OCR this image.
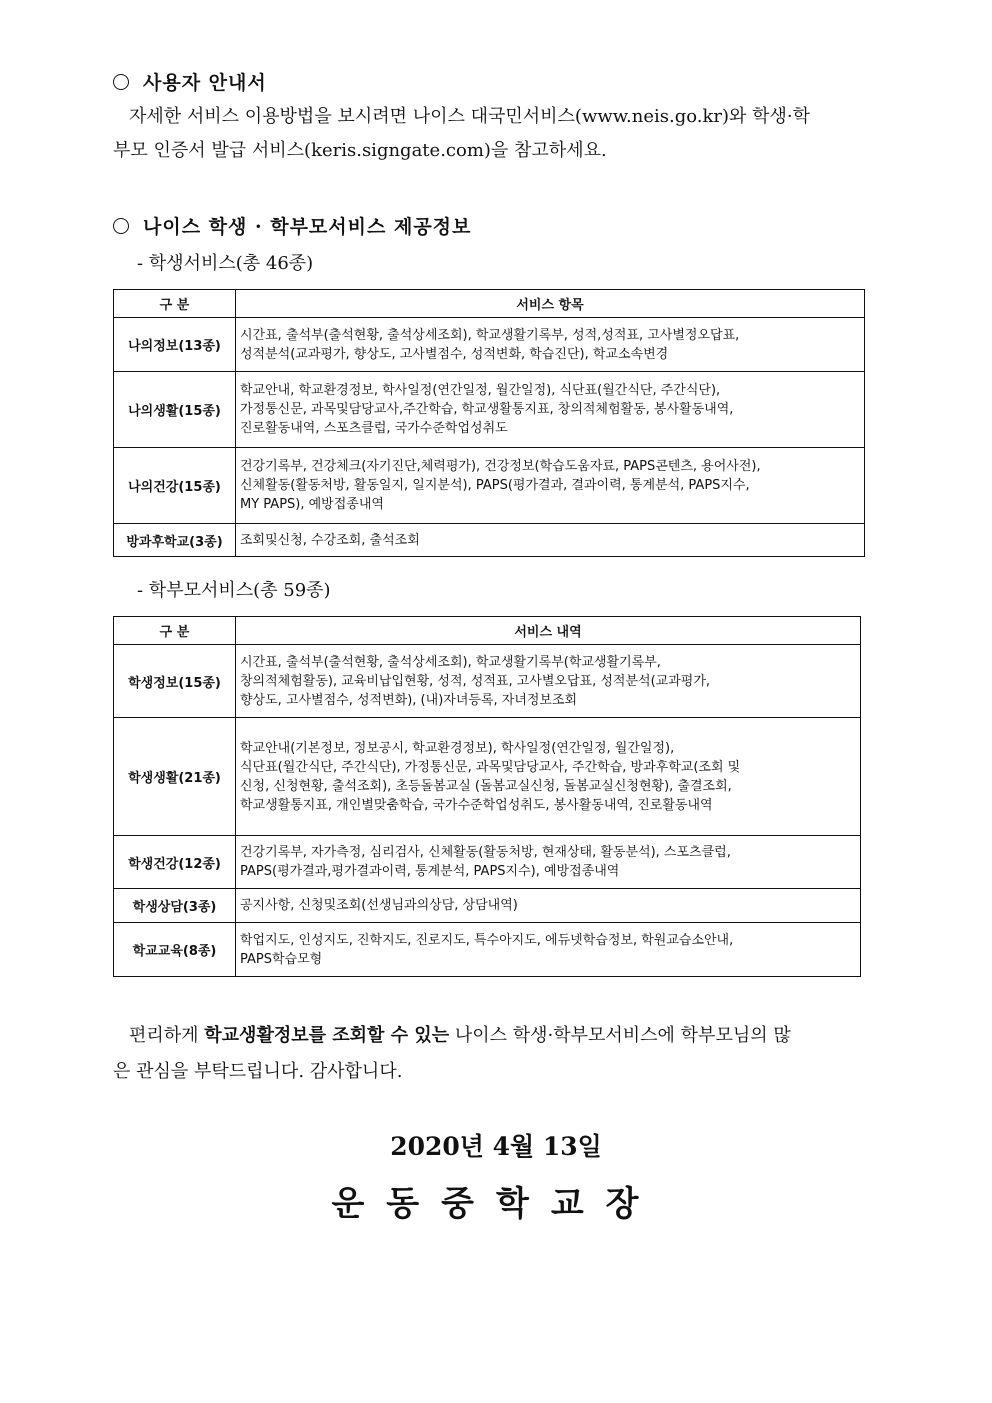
사용자 안내서
자세한 서비스 이용방법을 보시려면 나이스 대국민서비스(www.neis.go.kr)와 학생·학
부모 인증서 발급 서비스(keris.signgate.com)을 참고하세요.
나이스 학생 · 학부모서비스 제공정보
- 학생서비스(총 46종)
구 분	서비스 항목
나의정보(13종)	시간표, 출석부(출석현황, 출석상세조회), 학교생활기록부, 성적,성적표, 고사별정오답표,
성적분석(교과평가, 향상도, 고사별점수, 성적변화, 학습진단), 학교소속변경

나의생활(15종)	학교안내, 학교환경정보, 학사일정(연간일정, 월간일정), 식단표(월간식단, 주간식단),
가정통신문, 과목및담당교사,주간학습, 학교생활통지표, 창의적체험활동, 봉사활동내역,
진로활동내역, 스포츠클럽, 국가수준학업성취도

나의건강(15종)	건강기록부, 건강체크(자기진단,체력평가), 건강정보(학습도움자료, PAPS콘텐츠, 용어사전),
신체활동(활동처방, 활동일지, 일지분석), PAPS(평가결과, 결과이력, 통계분석, PAPS지수,
MY PAPS), 예방접종내역

방과후학교(3종)	조회및신청, 수강조회, 출석조회
- 학부모서비스(총 59종)
구 분	서비스 내역
학생정보(15종)	시간표, 출석부(출석현황, 출석상세조회), 학교생활기록부(학교생활기록부,
창의적체험활동), 교육비납입현황, 성적, 성적표, 고사별오답표, 성적분석(교과평가,
향상도, 고사별점수, 성적변화), (내)자녀등록, 자녀정보조회

학생생활(21종)	학교안내(기본정보, 정보공시, 학교환경정보), 학사일정(연간일정, 월간일정),
식단표(월간식단, 주간식단), 가정통신문, 과목및담당교사, 주간학습, 방과후학교(조회 및
신청, 신청현황, 출석조회), 초등돌봄교실 (돌봄교실신청, 돌봄교실신청현황), 출결조회,
학교생활통지표, 개인별맞춤학습, 국가수준학업성취도, 봉사활동내역, 진로활동내역

학생건강(12종)	건강기록부, 자가측정, 심리검사, 신체활동(활동처방, 현재상태, 활동분석), 스포츠클럽,
PAPS(평가결과,평가결과이력, 통계분석, PAPS지수), 예방접종내역

학생상담(3종)	공지사항, 신청및조회(선생님과의상담, 상담내역)

학교교육(8종)	학업지도, 인성지도, 진학지도, 진로지도, 특수아지도, 에듀넷학습정보, 학원교습소안내,
PAPS학습모형
편리하게 학교생활정보를 조회할 수 있는 나이스 학생·학부모서비스에 학부모님의 많
은 관심을 부탁드립니다. 감사합니다.
2020년 4월 13일
운동중학교장
